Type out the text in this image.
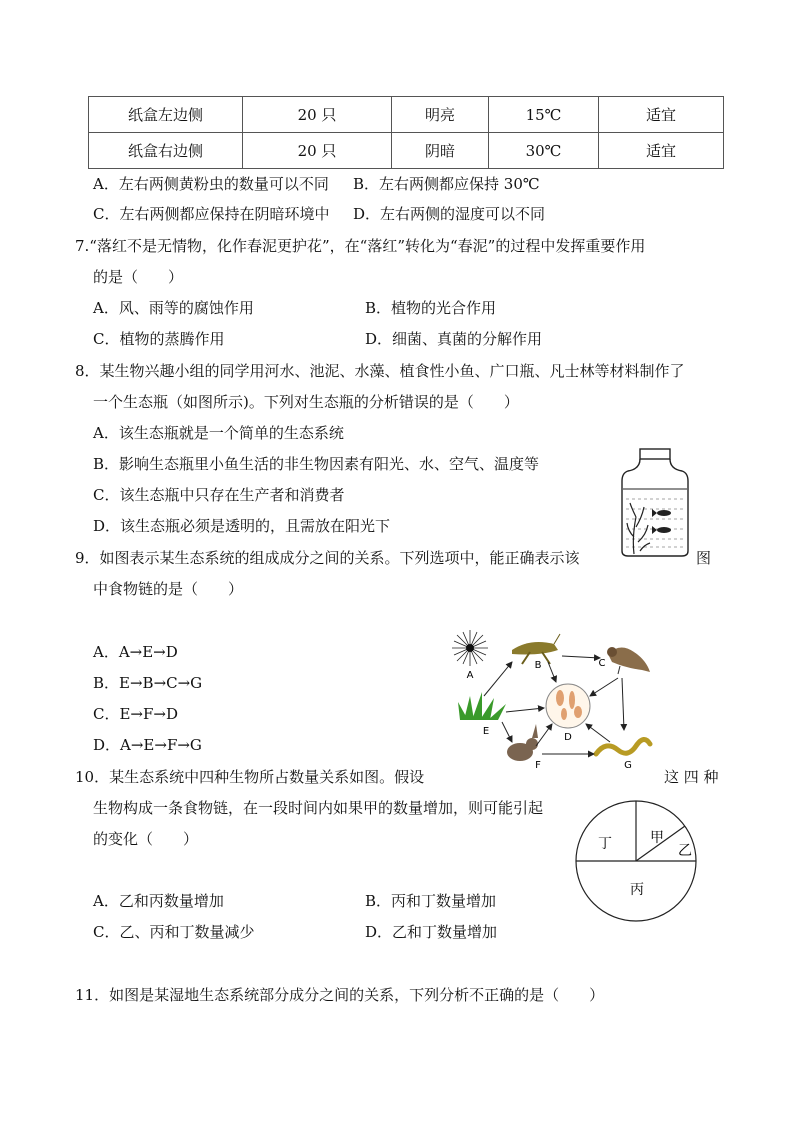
纸盒左边侧	20 只	明亮	15℃	适宜
纸盒右边侧	20 只	阴暗	30℃	适宜
A．左右两侧黄粉虫的数量可以不同 B．左右两侧都应保持 30℃
C．左右两侧都应保持在阴暗环境中 D．左右两侧的湿度可以不同
7.“落红不是无情物，化作春泥更护花”，在“落红”转化为“春泥”的过程中发挥重要作用
的是（　　）
A．风、雨等的腐蚀作用	B．植物的光合作用
C．植物的蒸腾作用	D．细菌、真菌的分解作用
8．某生物兴趣小组的同学用河水、池泥、水藻、植食性小鱼、广口瓶、凡士林等材料制作了
一个生态瓶（如图所示)。下列对生态瓶的分析错误的是（　　）
A．该生态瓶就是一个简单的生态系统
B．影响生态瓶里小鱼生活的非生物因素有阳光、水、空气、温度等
C．该生态瓶中只存在生产者和消费者
D．该生态瓶必须是透明的，且需放在阳光下
9．如图表示某生态系统的组成成分之间的关系。下列选项中，能正确表示该	图
中食物链的是（　　）
A．A→E→D
B．E→B→C→G
C．E→F→D
D．A→E→F→G
A
B	C
E
D
F	G
10．某生态系统中四种生物所占数量关系如图。假设	这 四 种
生物构成一条食物链，在一段时间内如果甲的数量增加，则可能引起
的变化（　　）
A．乙和丙数量增加	B．丙和丁数量增加
C．乙、丙和丁数量减少	D．乙和丁数量增加
丁	甲
乙
丙
11．如图是某湿地生态系统部分成分之间的关系，下列分析不正确的是（　　）
